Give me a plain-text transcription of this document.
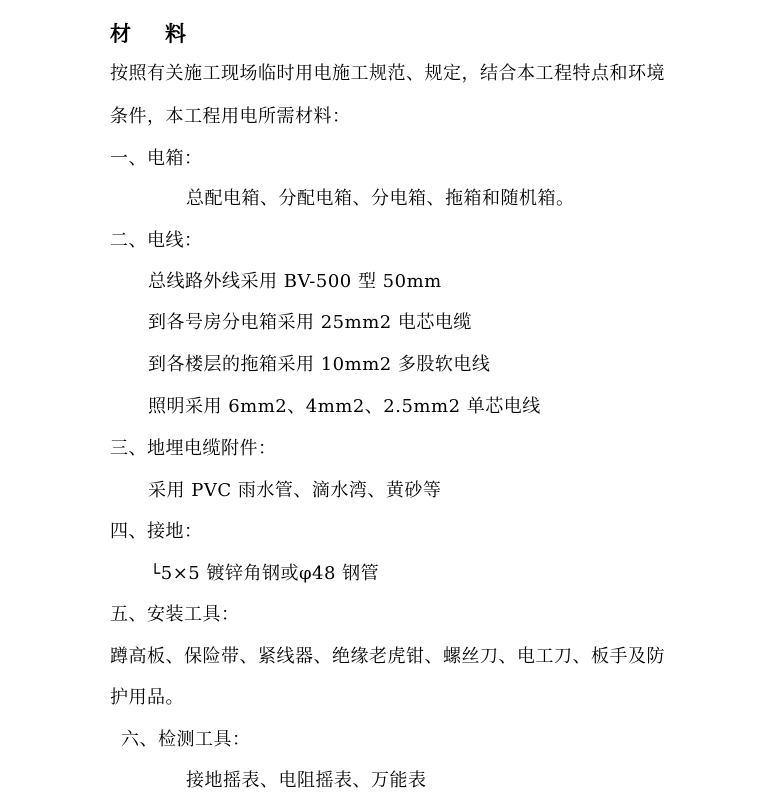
材 料
按照有关施工现场临时用电施工规范、规定，结合本工程特点和环境
条件，本工程用电所需材料：
一、电箱：
总配电箱、分配电箱、分电箱、拖箱和随机箱。
二、电线：
总线路外线采用 BV-500 型 50mm
到各号房分电箱采用 25mm2 电芯电缆
到各楼层的拖箱采用 10mm2 多股软电线
照明采用 6mm2、4mm2、2.5mm2 单芯电线
三、地埋电缆附件：
采用 PVC 雨水管、滴水湾、黄砂等
四、接地：
└5×5 镀锌角钢或φ48 钢管
五、安装工具：
蹲高板、保险带、紧线器、绝缘老虎钳、螺丝刀、电工刀、板手及防
护用品。
六、检测工具：
接地摇表、电阻摇表、万能表
